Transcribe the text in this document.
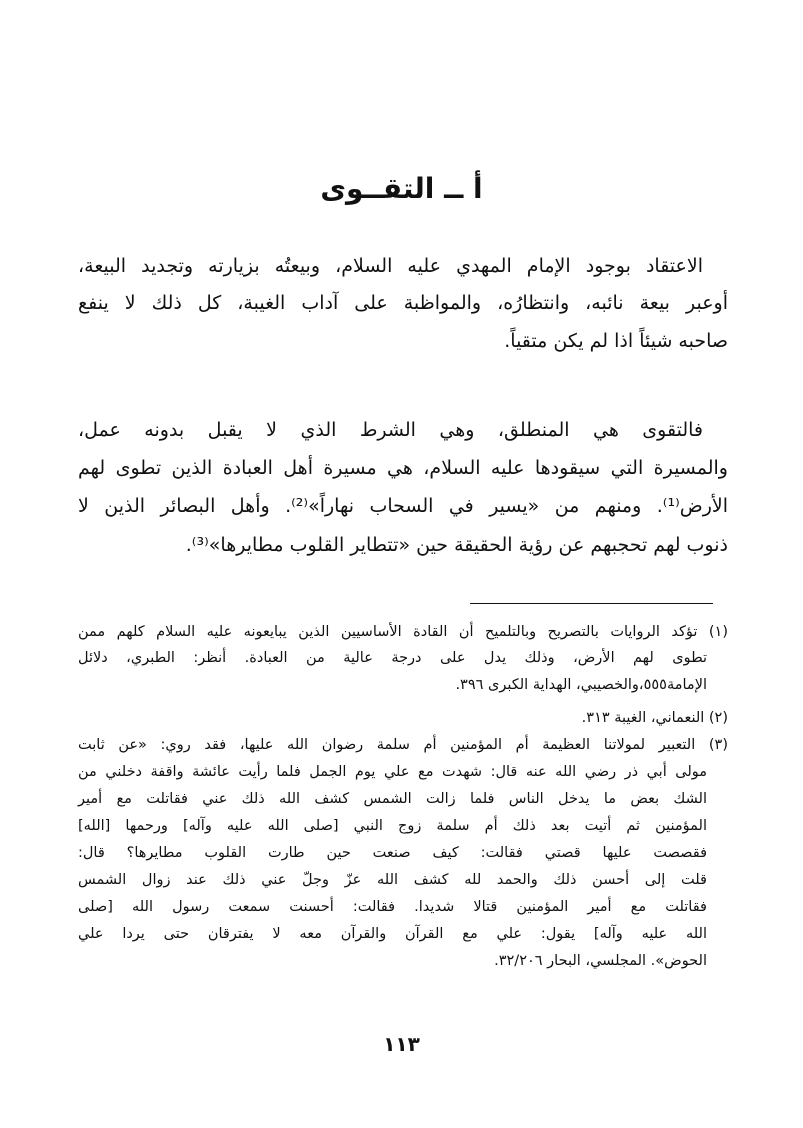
أ ــ التقــوى
الاعتقاد بوجود الإمام المهدي عليه السلام، وبيعتُه بزيارته وتجديد البيعة،
أوعبر بيعة نائبه، وانتظارُه، والمواظبة على آداب الغيبة، كل ذلك لا ينفع
صاحبه شيئاً اذا لم يكن متقياً.
فالتقوى هي المنطلق، وهي الشرط الذي لا يقبل بدونه عمل،
والمسيرة التي سيقودها عليه السلام، هي مسيرة أهل العبادة الذين تطوى لهم
الأرض⁽¹⁾. ومنهم من «يسير في السحاب نهاراً»⁽²⁾. وأهل البصائر الذين لا
ذنوب لهم تحجبهم عن رؤية الحقيقة حين «تتطاير القلوب مطايرها»⁽³⁾.
(١) تؤكد الروايات بالتصريح وبالتلميح أن القادة الأساسيين الذين يبايعونه عليه السلام كلهم ممن
تطوى لهم الأرض، وذلك يدل على درجة عالية من العبادة. أنظر: الطبري، دلائل
الإمامة٥٥٥،والخصيبي، الهداية الكبرى ٣٩٦.
(٢) النعماني، الغيبة ٣١٣.
(٣) التعبير لمولاتنا العظيمة أم المؤمنين أم سلمة رضوان الله عليها، فقد روي: «عن ثابت
مولى أبي ذر رضي الله عنه قال: شهدت مع علي يوم الجمل فلما رأيت عائشة واقفة دخلني من
الشك بعض ما يدخل الناس فلما زالت الشمس كشف الله ذلك عني فقاتلت مع أمير
المؤمنين ثم أتيت بعد ذلك أم سلمة زوج النبي [صلى الله عليه وآله] ورحمها [الله]
فقصصت عليها قصتي فقالت: كيف صنعت حين طارت القلوب مطايرها؟ قال:
قلت إلى أحسن ذلك والحمد لله كشف الله عزّ وجلّ عني ذلك عند زوال الشمس
فقاتلت مع أمير المؤمنين قتالا شديدا. فقالت: أحسنت سمعت رسول الله [صلى
الله عليه وآله] يقول: علي مع القرآن والقرآن معه لا يفترقان حتى يردا علي
الحوض». المجلسي، البحار ٣٢/٢٠٦.
١١٣
